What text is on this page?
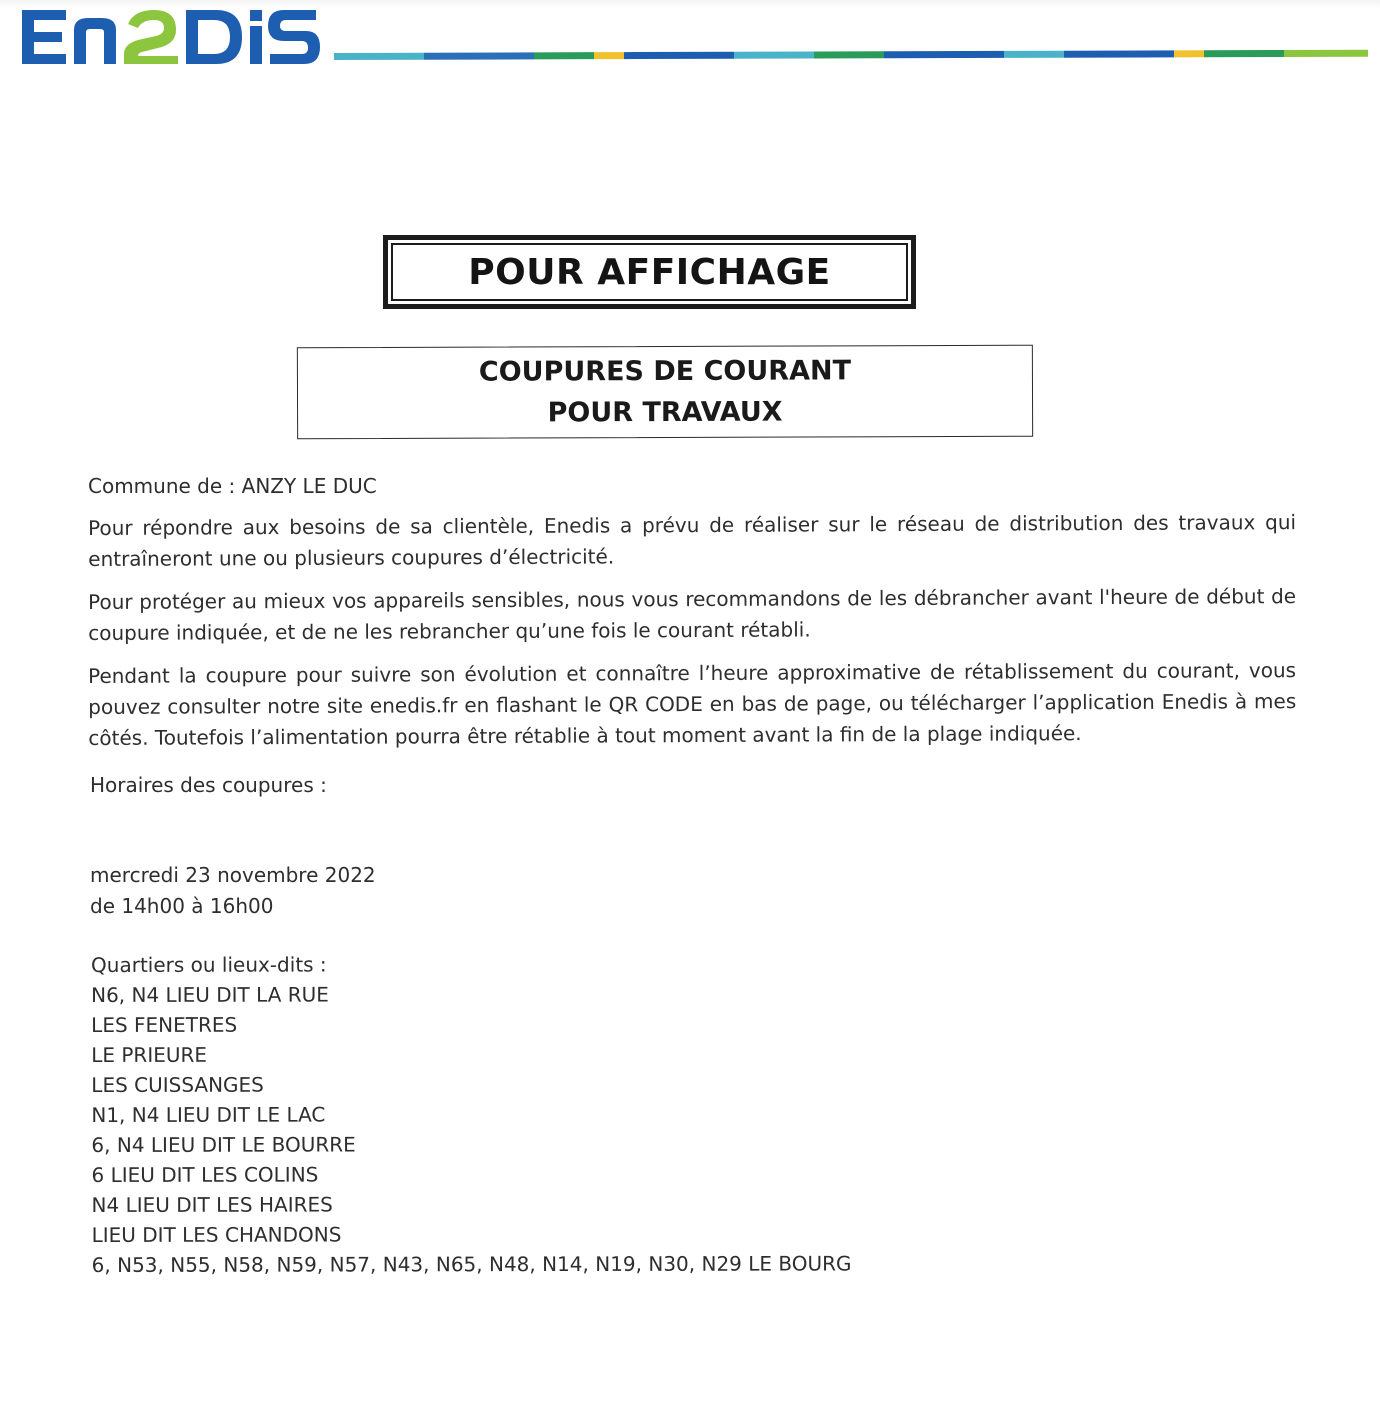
POUR AFFICHAGE
COUPURES DE COURANT
POUR TRAVAUX
Commune de : ANZY LE DUC

Pour répondre aux besoins de sa clientèle, Enedis a prévu de réaliser sur le réseau de distribution des travaux qui entraîneront une ou plusieurs coupures d’électricité.

Pour protéger au mieux vos appareils sensibles, nous vous recommandons de les débrancher avant l'heure de début de coupure indiquée, et de ne les rebrancher qu’une fois le courant rétabli.

Pendant la coupure pour suivre son évolution et connaître l’heure approximative de rétablissement du courant, vous pouvez consulter notre site enedis.fr en flashant le QR CODE en bas de page, ou télécharger l’application Enedis à mes côtés. Toutefois l’alimentation pourra être rétablie à tout moment avant la fin de la plage indiquée.

Horaires des coupures :
mercredi 23 novembre 2022
de 14h00 à 16h00
Quartiers ou lieux-dits :
N6, N4 LIEU DIT LA RUE
LES FENETRES
LE PRIEURE
LES CUISSANGES
N1, N4 LIEU DIT LE LAC
6, N4 LIEU DIT LE BOURRE
6 LIEU DIT LES COLINS
N4 LIEU DIT LES HAIRES
LIEU DIT LES CHANDONS
6, N53, N55, N58, N59, N57, N43, N65, N48, N14, N19, N30, N29 LE BOURG
